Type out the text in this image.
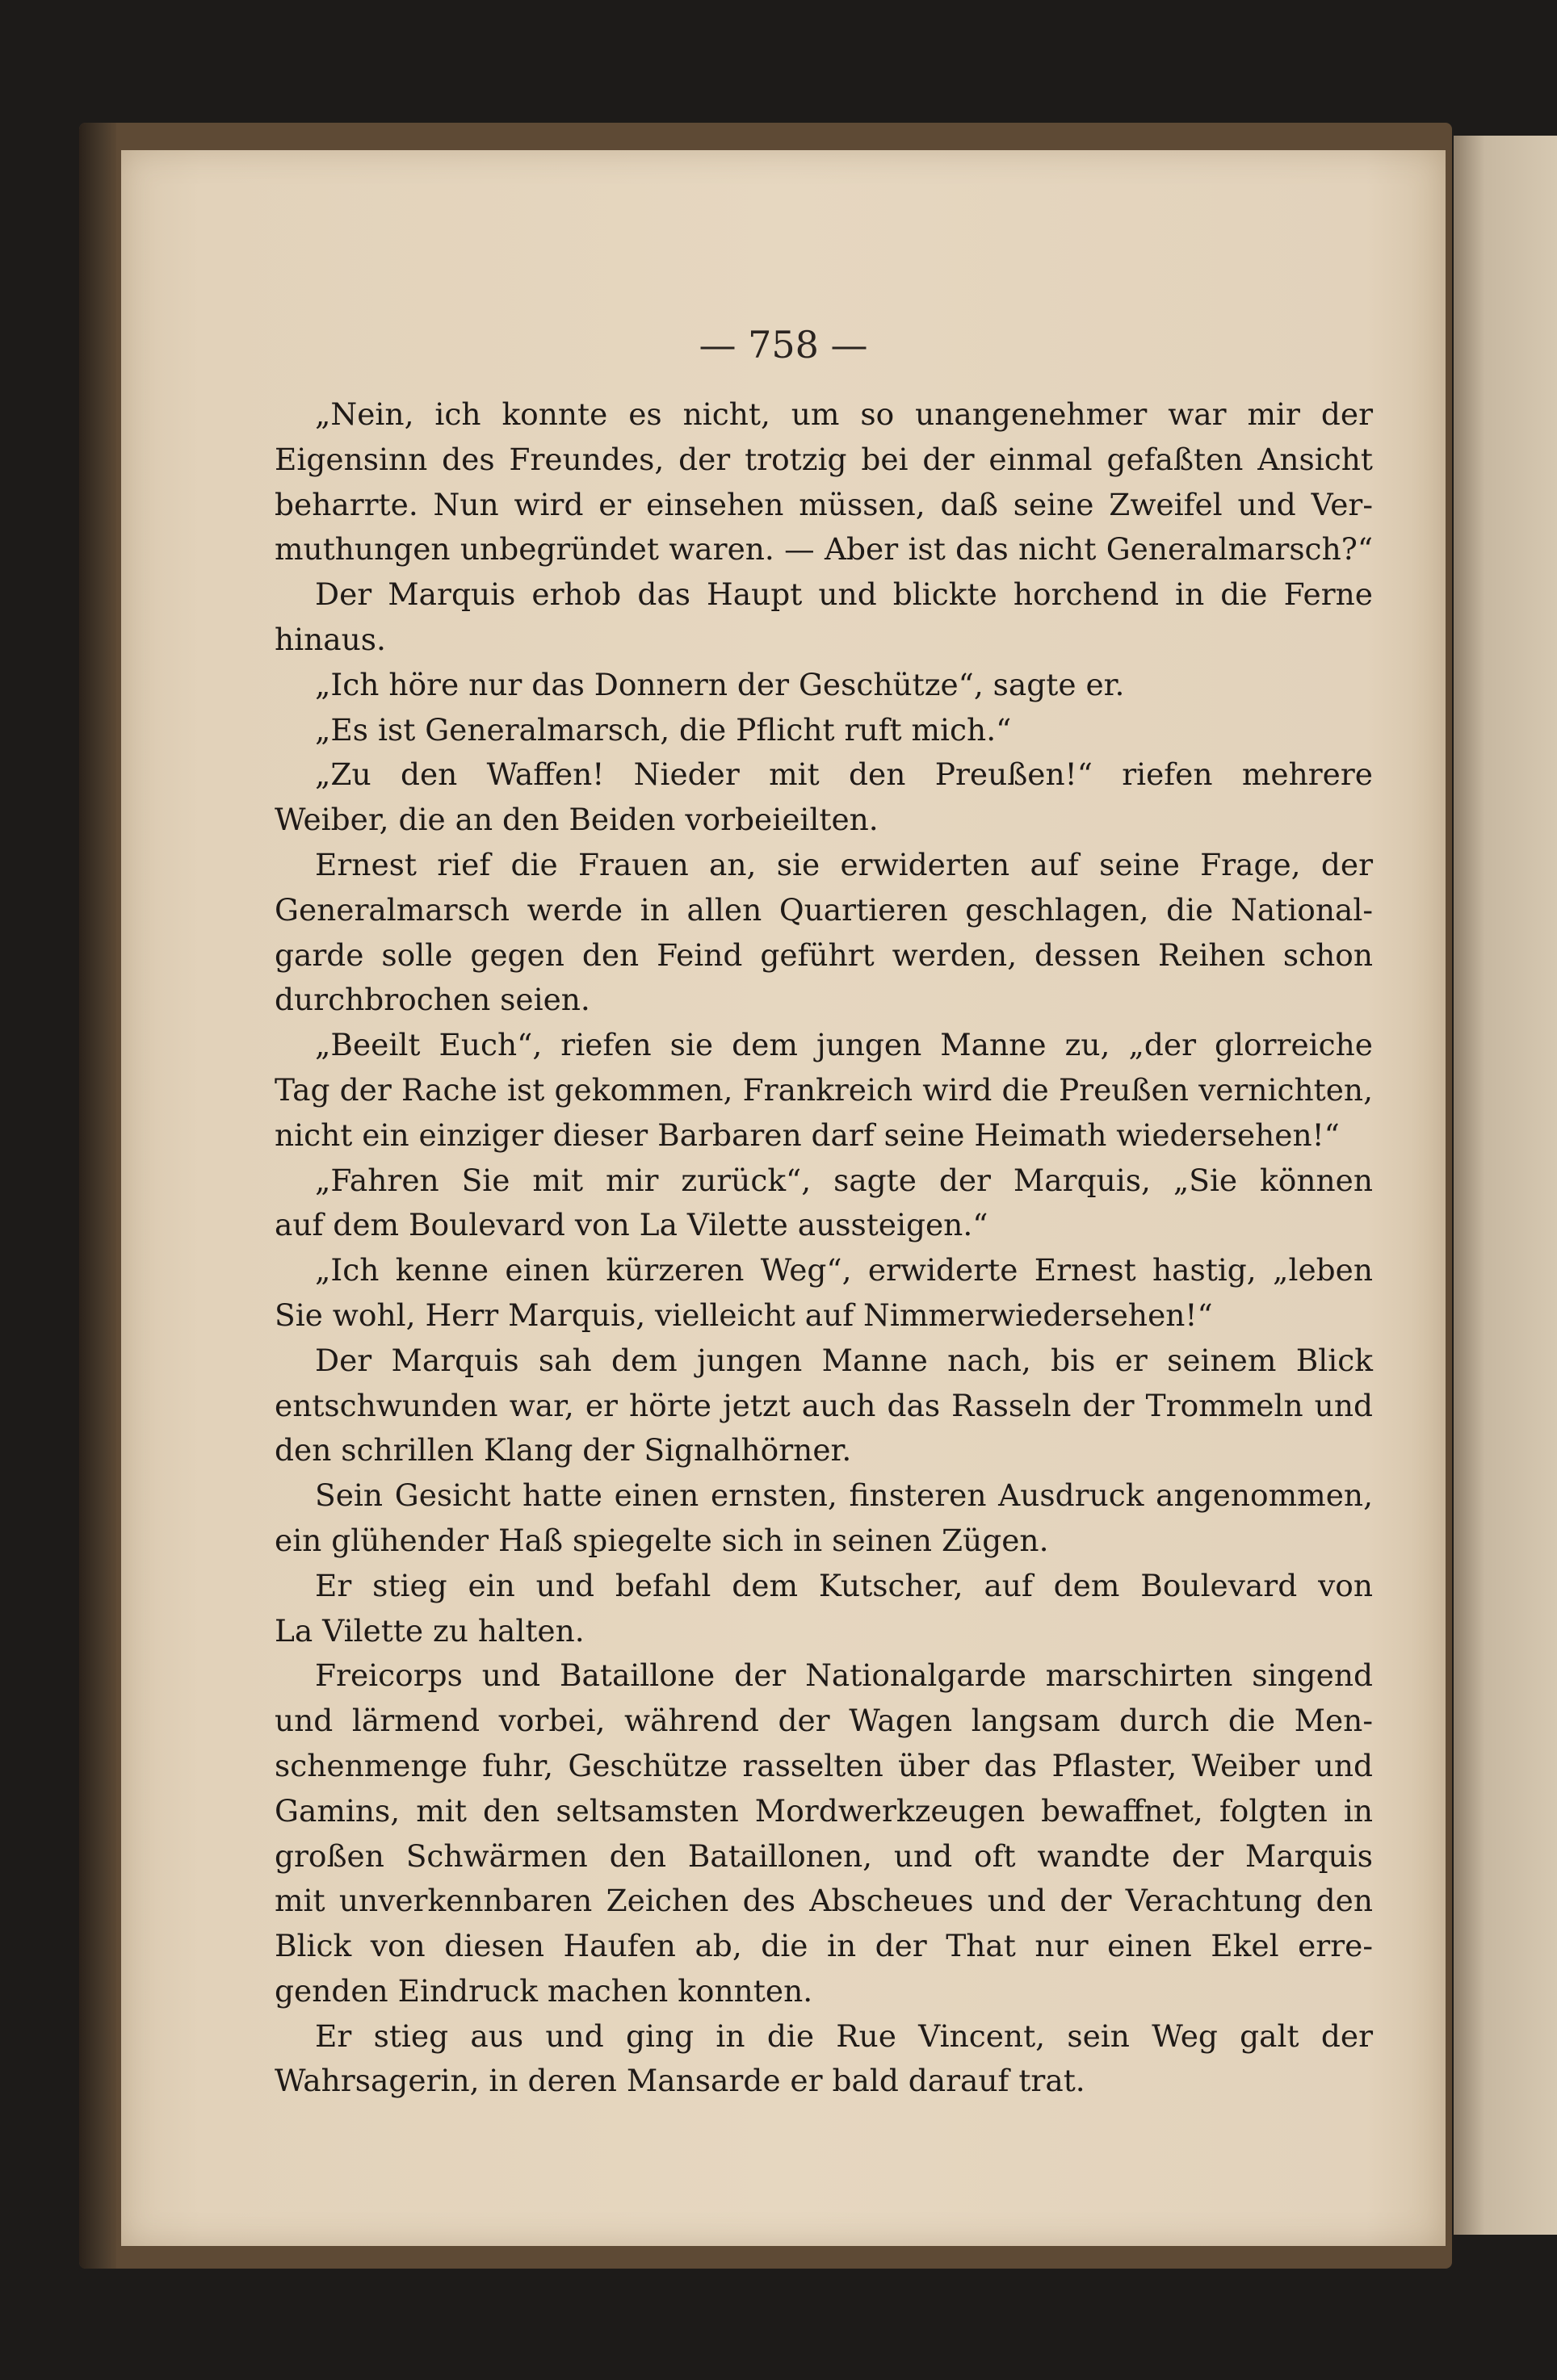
— 758 —

„Nein, ich konnte es nicht, um so unangenehmer war mir der
Eigensinn des Freundes, der trotzig bei der einmal gefaßten Ansicht
beharrte. Nun wird er einsehen müssen, daß seine Zweifel und Ver-
muthungen unbegründet waren. — Aber ist das nicht Generalmarsch?“
Der Marquis erhob das Haupt und blickte horchend in die Ferne
hinaus.
„Ich höre nur das Donnern der Geschütze“, sagte er.
„Es ist Generalmarsch, die Pflicht ruft mich.“
„Zu den Waffen! Nieder mit den Preußen!“ riefen mehrere
Weiber, die an den Beiden vorbeieilten.
Ernest rief die Frauen an, sie erwiderten auf seine Frage, der
Generalmarsch werde in allen Quartieren geschlagen, die National-
garde solle gegen den Feind geführt werden, dessen Reihen schon
durchbrochen seien.
„Beeilt Euch“, riefen sie dem jungen Manne zu, „der glorreiche
Tag der Rache ist gekommen, Frankreich wird die Preußen vernichten,
nicht ein einziger dieser Barbaren darf seine Heimath wiedersehen!“
„Fahren Sie mit mir zurück“, sagte der Marquis, „Sie können
auf dem Boulevard von La Vilette aussteigen.“
„Ich kenne einen kürzeren Weg“, erwiderte Ernest hastig, „leben
Sie wohl, Herr Marquis, vielleicht auf Nimmerwiedersehen!“
Der Marquis sah dem jungen Manne nach, bis er seinem Blick
entschwunden war, er hörte jetzt auch das Rasseln der Trommeln und
den schrillen Klang der Signalhörner.
Sein Gesicht hatte einen ernsten, finsteren Ausdruck angenommen,
ein glühender Haß spiegelte sich in seinen Zügen.
Er stieg ein und befahl dem Kutscher, auf dem Boulevard von
La Vilette zu halten.
Freicorps und Bataillone der Nationalgarde marschirten singend
und lärmend vorbei, während der Wagen langsam durch die Men-
schenmenge fuhr, Geschütze rasselten über das Pflaster, Weiber und
Gamins, mit den seltsamsten Mordwerkzeugen bewaffnet, folgten in
großen Schwärmen den Bataillonen, und oft wandte der Marquis
mit unverkennbaren Zeichen des Abscheues und der Verachtung den
Blick von diesen Haufen ab, die in der That nur einen Ekel erre-
genden Eindruck machen konnten.
Er stieg aus und ging in die Rue Vincent, sein Weg galt der
Wahrsagerin, in deren Mansarde er bald darauf trat.
